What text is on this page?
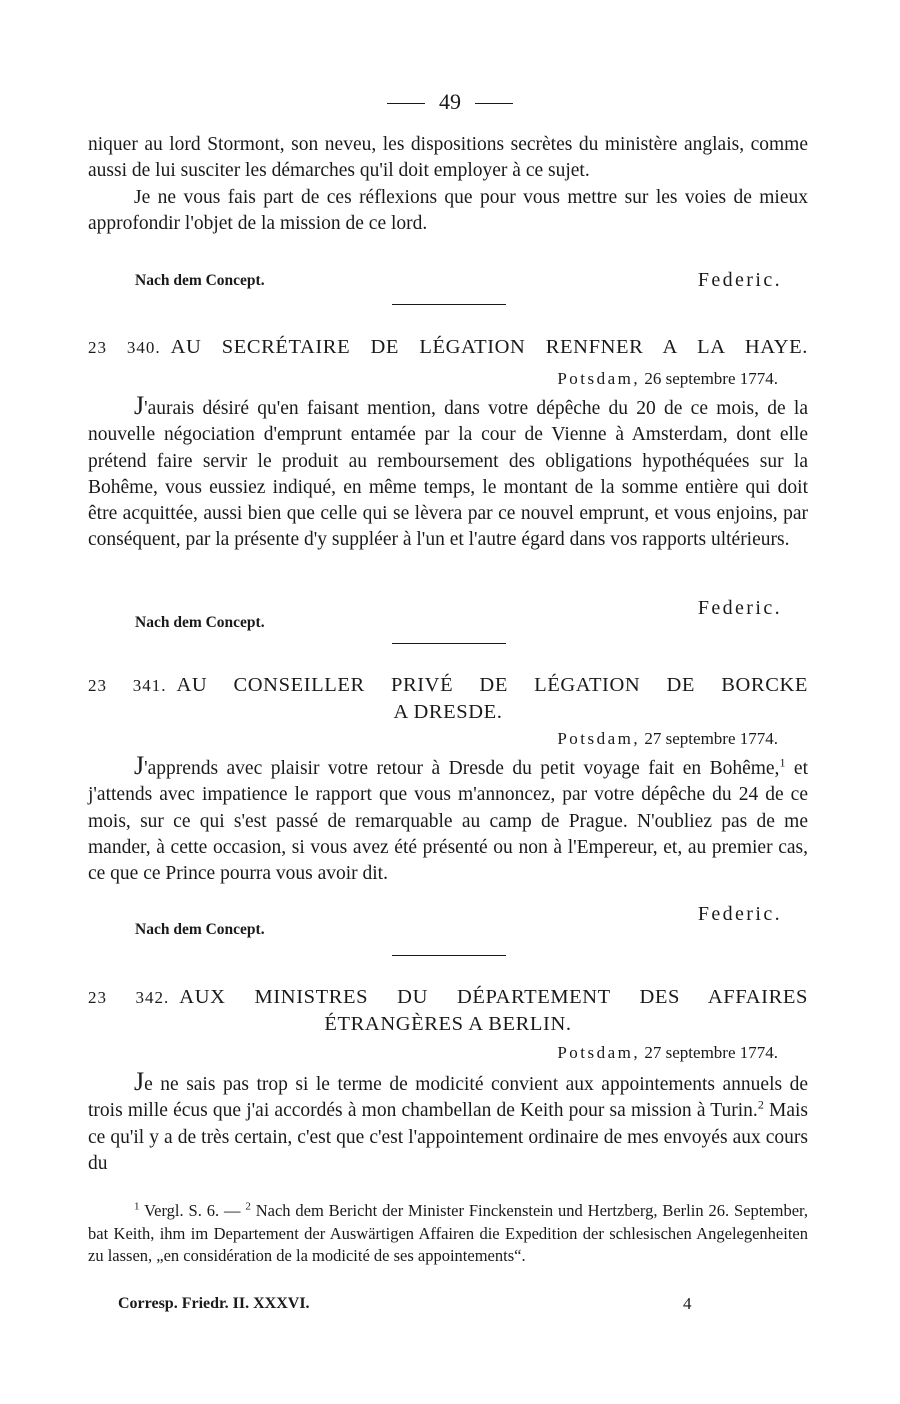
49

niquer au lord Stormont, son neveu, les dispositions secrètes du ministère anglais, comme aussi de lui susciter les démarches qu'il doit employer à ce sujet.

Je ne vous fais part de ces réflexions que pour vous mettre sur les voies de mieux approfondir l'objet de la mission de ce lord.

Nach dem Concept.	Federic.
23 340. AU SECRÉTAIRE DE LÉGATION RENFNER A LA HAYE.
Potsdam, 26 septembre 1774.

J'aurais désiré qu'en faisant mention, dans votre dépêche du 20 de ce mois, de la nouvelle négociation d'emprunt entamée par la cour de Vienne à Amsterdam, dont elle prétend faire servir le produit au remboursement des obligations hypothéquées sur la Bohême, vous eussiez indiqué, en même temps, le montant de la somme entière qui doit être acquittée, aussi bien que celle qui se lèvera par ce nouvel emprunt, et vous enjoins, par conséquent, par la présente d'y suppléer à l'un et l'autre égard dans vos rapports ultérieurs.

Federic.
Nach dem Concept.
23 341. AU CONSEILLER PRIVÉ DE LÉGATION DE BORCKE
A DRESDE.
Potsdam, 27 septembre 1774.

J'apprends avec plaisir votre retour à Dresde du petit voyage fait en Bohême,$^1$ et j'attends avec impatience le rapport que vous m'annoncez, par votre dépêche du 24 de ce mois, sur ce qui s'est passé de remarquable au camp de Prague. N'oubliez pas de me mander, à cette occasion, si vous avez été présenté ou non à l'Empereur, et, au premier cas, ce que ce Prince pourra vous avoir dit.

Federic.
Nach dem Concept.
23 342. AUX MINISTRES DU DÉPARTEMENT DES AFFAIRES
ÉTRANGÈRES A BERLIN.
Potsdam, 27 septembre 1774.

Je ne sais pas trop si le terme de modicité convient aux appointements annuels de trois mille écus que j'ai accordés à mon chambellan de Keith pour sa mission à Turin.$^2$ Mais ce qu'il y a de très certain, c'est que c'est l'appointement ordinaire de mes envoyés aux cours du

$^1$ Vergl. S. 6. — $^2$ Nach dem Bericht der Minister Finckenstein und Hertzberg, Berlin 26. September, bat Keith, ihm im Departement der Auswärtigen Affairen die Expedition der schlesischen Angelegenheiten zu lassen, „en considération de la modicité de ses appointements“.

Corresp. Friedr. II. XXXVI.	4
